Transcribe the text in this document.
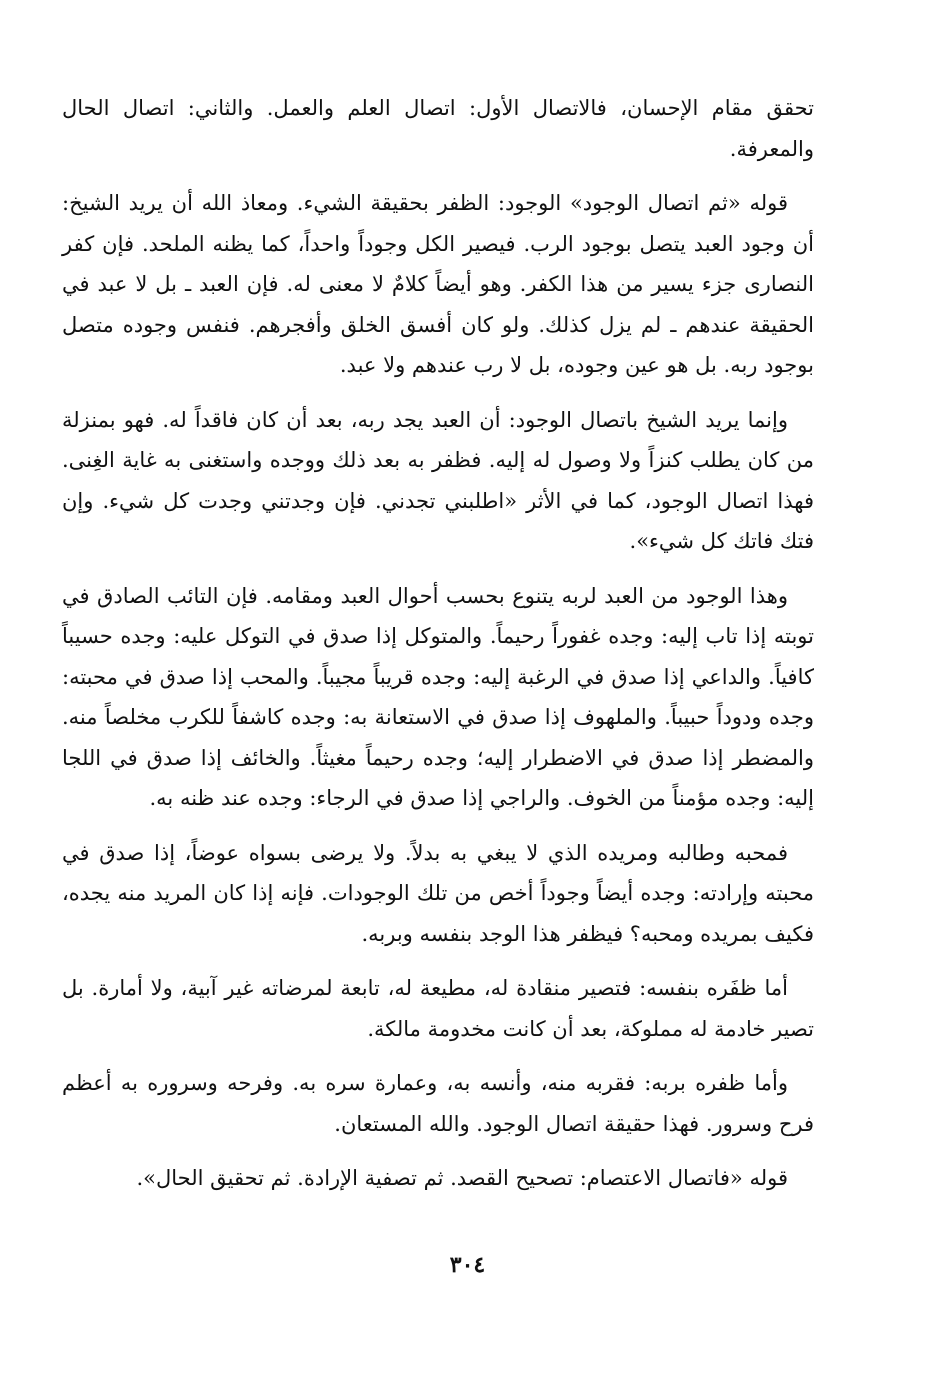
تحقق مقام الإحسان، فالاتصال الأول: اتصال العلم والعمل. والثاني: اتصال الحال والمعرفة.

قوله «ثم اتصال الوجود» الوجود: الظفر بحقيقة الشيء. ومعاذ الله أن يريد الشيخ: أن وجود العبد يتصل بوجود الرب. فيصير الكل وجوداً واحداً، كما يظنه الملحد. فإن كفر النصارى جزء يسير من هذا الكفر. وهو أيضاً كلامٌ لا معنى له. فإن العبد ـ بل لا عبد في الحقيقة عندهم ـ لم يزل كذلك. ولو كان أفسق الخلق وأفجرهم. فنفس وجوده متصل بوجود ربه. بل هو عين وجوده، بل لا رب عندهم ولا عبد.

وإنما يريد الشيخ باتصال الوجود: أن العبد يجد ربه، بعد أن كان فاقداً له. فهو بمنزلة من كان يطلب كنزاً ولا وصول له إليه. فظفر به بعد ذلك ووجده واستغنى به غاية الغِنى. فهذا اتصال الوجود، كما في الأثر «اطلبني تجدني. فإن وجدتني وجدت كل شيء. وإن فتك فاتك كل شيء».

وهذا الوجود من العبد لربه يتنوع بحسب أحوال العبد ومقامه. فإن التائب الصادق في توبته إذا تاب إليه: وجده غفوراً رحيماً. والمتوكل إذا صدق في التوكل عليه: وجده حسيباً كافياً. والداعي إذا صدق في الرغبة إليه: وجده قريباً مجيباً. والمحب إذا صدق في محبته: وجده ودوداً حبيباً. والملهوف إذا صدق في الاستعانة به: وجده كاشفاً للكرب مخلصاً منه. والمضطر إذا صدق في الاضطرار إليه؛ وجده رحيماً مغيثاً. والخائف إذا صدق في اللجا إليه: وجده مؤمناً من الخوف. والراجي إذا صدق في الرجاء: وجده عند ظنه به.

فمحبه وطالبه ومريده الذي لا يبغي به بدلاً. ولا يرضى بسواه عوضاً، إذا صدق في محبته وإرادته: وجده أيضاً وجوداً أخص من تلك الوجودات. فإنه إذا كان المريد منه يجده، فكيف بمريده ومحبه؟ فيظفر هذا الوجد بنفسه وبربه.

أما ظفَره بنفسه: فتصير منقادة له، مطيعة له، تابعة لمرضاته غير آبية، ولا أمارة. بل تصير خادمة له مملوكة، بعد أن كانت مخدومة مالكة.

وأما ظفره بربه: فقربه منه، وأنسه به، وعمارة سره به. وفرحه وسروره به أعظم فرح وسرور. فهذا حقيقة اتصال الوجود. والله المستعان.

قوله «فاتصال الاعتصام: تصحيح القصد. ثم تصفية الإرادة. ثم تحقيق الحال».

٣٠٤
